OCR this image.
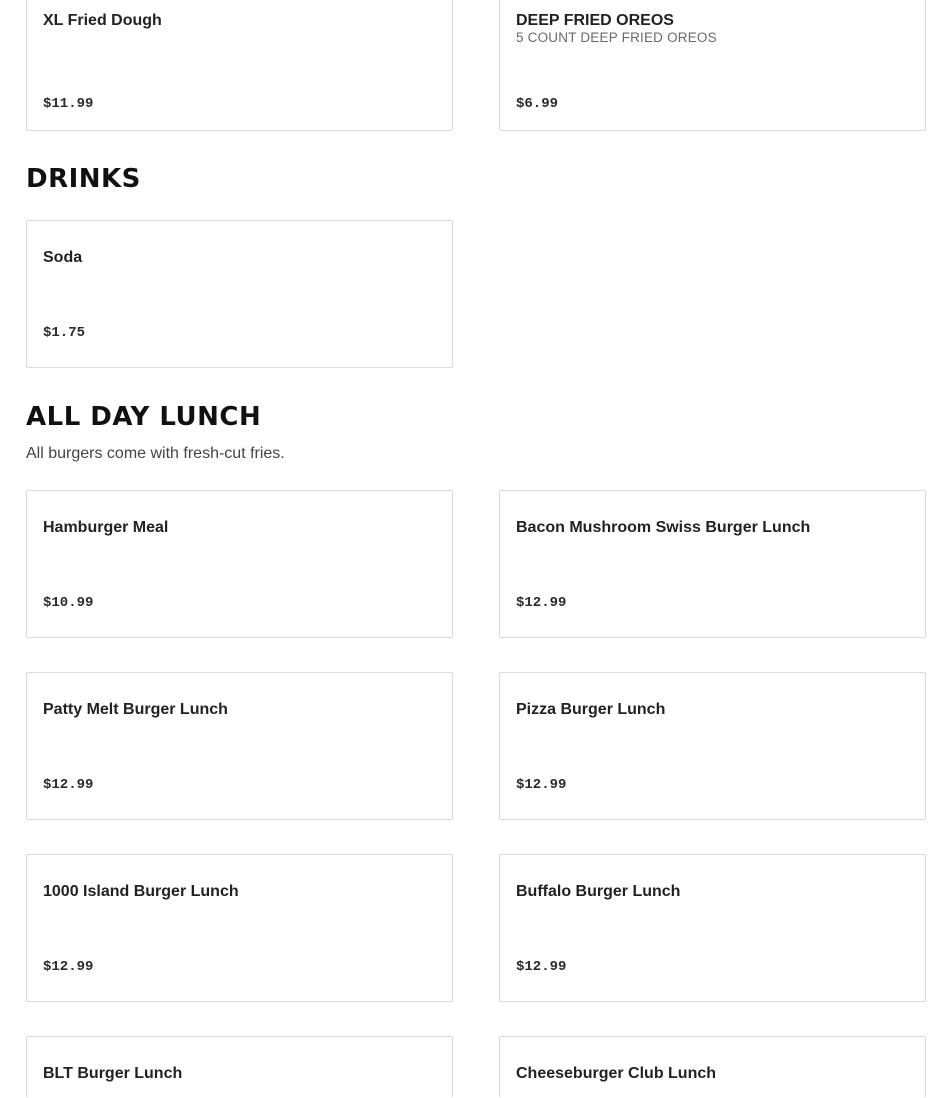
XL Fried Dough
$11.99
DEEP FRIED OREOS
5 COUNT DEEP FRIED OREOS
$6.99
DRINKS
Soda
$1.75
ALL DAY LUNCH
All burgers come with fresh-cut fries.
Hamburger Meal
$10.99
Bacon Mushroom Swiss Burger Lunch
$12.99
Patty Melt Burger Lunch
$12.99
Pizza Burger Lunch
$12.99
1000 Island Burger Lunch
$12.99
Buffalo Burger Lunch
$12.99
BLT Burger Lunch	Cheeseburger Club Lunch
